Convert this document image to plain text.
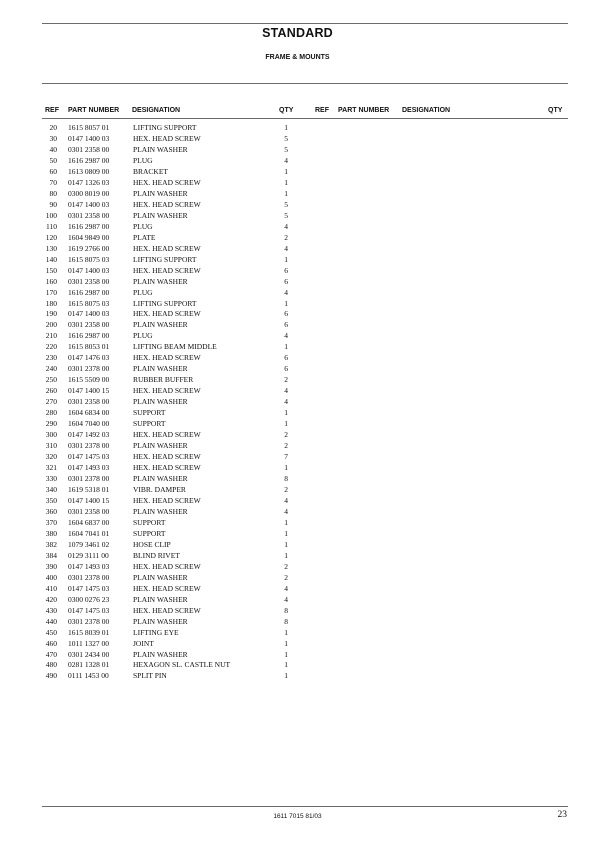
STANDARD
FRAME & MOUNTS
REF PART NUMBER DESIGNATION	QTY	REF PART NUMBER DESIGNATION	QTY
20 1615 8057 01	LIFTING SUPPORT	1
30 0147 1400 03	HEX. HEAD SCREW	5
40 0301 2358 00	PLAIN WASHER	5
50 1616 2987 00	PLUG	4
60 1613 0809 00	BRACKET	1
70 0147 1326 03	HEX. HEAD SCREW	1
80 0300 8019 00	PLAIN WASHER	1
90 0147 1400 03	HEX. HEAD SCREW	5
100 0301 2358 00	PLAIN WASHER	5
110 1616 2987 00	PLUG	4
120 1604 9849 00	PLATE	2
130 1619 2766 00	HEX. HEAD SCREW	4
140 1615 8075 03	LIFTING SUPPORT	1
150 0147 1400 03	HEX. HEAD SCREW	6
160 0301 2358 00	PLAIN WASHER	6
170 1616 2987 00	PLUG	4
180 1615 8075 03	LIFTING SUPPORT	1
190 0147 1400 03	HEX. HEAD SCREW	6
200 0301 2358 00	PLAIN WASHER	6
210 1616 2987 00	PLUG	4
220 1615 8053 01	LIFTING BEAM MIDDLE	1
230 0147 1476 03	HEX. HEAD SCREW	6
240 0301 2378 00	PLAIN WASHER	6
250 1615 5509 00	RUBBER BUFFER	2
260 0147 1400 15	HEX. HEAD SCREW	4
270 0301 2358 00	PLAIN WASHER	4
280 1604 6834 00	SUPPORT	1
290 1604 7040 00	SUPPORT	1
300 0147 1492 03	HEX. HEAD SCREW	2
310 0301 2378 00	PLAIN WASHER	2
320 0147 1475 03	HEX. HEAD SCREW	7
321 0147 1493 03	HEX. HEAD SCREW	1
330 0301 2378 00	PLAIN WASHER	8
340 1619 5318 01	VIBR. DAMPER	2
350 0147 1400 15	HEX. HEAD SCREW	4
360 0301 2358 00	PLAIN WASHER	4
370 1604 6837 00	SUPPORT	1
380 1604 7041 01	SUPPORT	1
382 1079 3461 02	HOSE CLIP	1
384 0129 3111 00	BLIND RIVET	1
390 0147 1493 03	HEX. HEAD SCREW	2
400 0301 2378 00	PLAIN WASHER	2
410 0147 1475 03	HEX. HEAD SCREW	4
420 0300 0276 23	PLAIN WASHER	4
430 0147 1475 03	HEX. HEAD SCREW	8
440 0301 2378 00	PLAIN WASHER	8
450 1615 8039 01	LIFTING EYE	1
460 1011 1327 00	JOINT	1
470 0301 2434 00	PLAIN WASHER	1
480 0281 1328 01	HEXAGON SL. CASTLE NUT	1
490 0111 1453 00	SPLIT PIN	1
1611 7015 81/03	23
